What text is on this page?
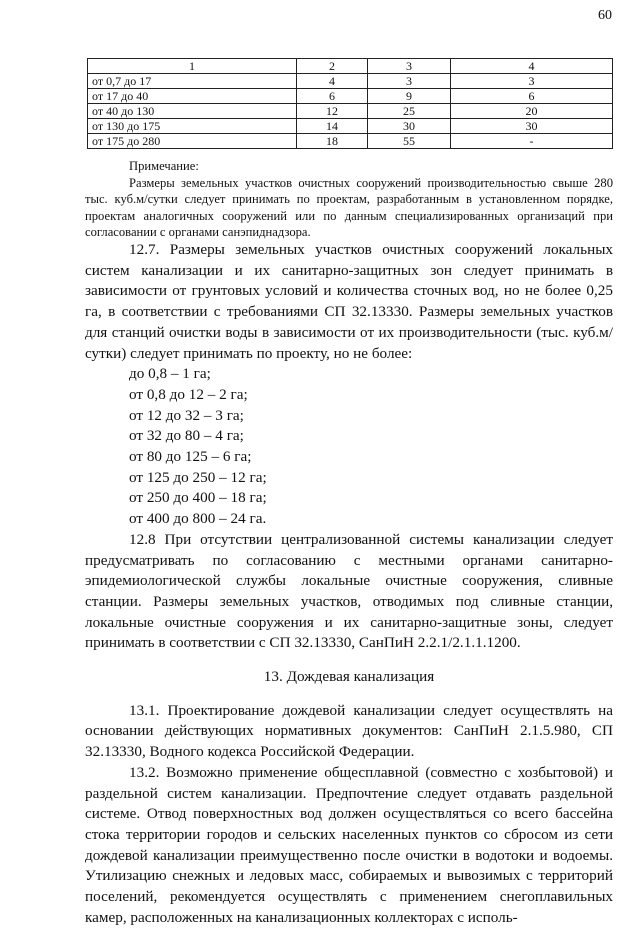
60
1	2	3	4
от 0,7 до 17	4	3	3
от 17 до 40	6	9	6
от 40 до 130	12	25	20
от 130 до 175	14	30	30
от 175 до 280	18	55	-
Примечание:
Размеры земельных участков очистных сооружений производительностью свыше 280 тыс. куб.м/сутки следует принимать по проектам, разработанным в установленном порядке, проектам аналогичных сооружений или по данным специализированных организаций при согласовании с органами санэпиднадзора.
12.7. Размеры земельных участков очистных сооружений локальных систем канализации и их санитарно-защитных зон следует принимать в зависимости от грунтовых условий и количества сточных вод, но не более 0,25 га, в соответствии с требованиями СП 32.13330. Размеры земельных участков для станций очистки воды в зависимости от их производительности (тыс. куб.м/сутки) следует принимать по проекту, но не более:
до 0,8 – 1 га;
от 0,8 до 12 – 2 га;
от 12 до 32 – 3 га;
от 32 до 80 – 4 га;
от 80 до 125 – 6 га;
от 125 до 250 – 12 га;
от 250 до 400 – 18 га;
от 400 до 800 – 24 га.
12.8 При отсутствии централизованной системы канализации следует предусматривать по согласованию с местными органами санитарно-эпидемиологической службы локальные очистные сооружения, сливные станции. Размеры земельных участков, отводимых под сливные станции, локальные очистные сооружения и их санитарно-защитные зоны, следует принимать в соответствии с СП 32.13330, СанПиН 2.2.1/2.1.1.1200.
13. Дождевая канализация
13.1. Проектирование дождевой канализации следует осуществлять на основании действующих нормативных документов: СанПиН 2.1.5.980, СП 32.13330, Водного кодекса Российской Федерации.
13.2. Возможно применение общесплавной (совместно с хозбытовой) и раздельной систем канализации. Предпочтение следует отдавать раздельной системе. Отвод поверхностных вод должен осуществляться со всего бассейна стока территории городов и сельских населенных пунктов со сбросом из сети дождевой канализации преимущественно после очистки в водотоки и водоемы. Утилизацию снежных и ледовых масс, собираемых и вывозимых с территорий поселений, рекомендуется осуществлять с применением снегоплавильных камер, расположенных на канализационных коллекторах с исполь-
